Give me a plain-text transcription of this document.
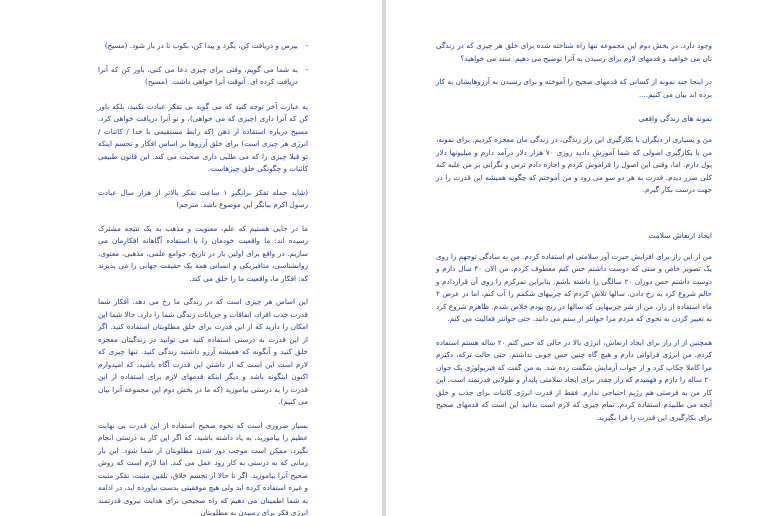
- بپرس و دریافت کن، بگرد و پیدا کن، بکوب تا در باز شود. (مسیح)
- به شما می گویم، وقتی برای چیزی دعا می کنی، باور کن که آنرا دریافت کرده ای. آنوقت آنرا خواهی داشت. (مسیح)

به عبارت آخر توجه کنید که می گوید بی تفکر عبادت نکنید، بلکه باور کن که آنرا داری (چیزی که می خواهی)، و تو آنرا دریافت خواهی کرد. مسیح درباره استفاده از ذهن (که رابط مستقیمی با خدا / کائنات / انرژی هر چیزی است) برای خلق آرزوها بر اساس افکار و تجسم اینکه تو قبلا چیزی را که می طلبی داری صحبت می کند. این قانون طبیعی کائنات و چگونگی خلق چیزهاست.

(شاید جمله تفکر برانگیز ۱ ساعت تفکر بالاتر از هزار سال عبادت رسول اکرم بیانگر این موضوع باشد. مترجم)

ما در جایی هستیم که علم، معنویت و مذهب به یک نتیجه مشترک رسیده اند: ما واقعیت خودمان را با استفاده آگاهانه افکارمان می سازیم. در واقع برای اولین بار در تاریخ، جوامع علمی، مذهبی، معنوی، روانشناسی، متافیزیکی و انسانی همه یک حقیقت جهانی را می پذیرند که: افکار ما، واقعیت ما را خلق می کند.

این اساس هر چیزی است که در زندگی ما رخ می دهد. افکار شما قدرت جذب افراد، اتفاقات و جریانات زندگی شما را دارد. حالا شما این امکان را دارید که از این قدرت برای خلق مطلوبتان استفاده کنید. اگر از این قدرت به درستی استفاده کنید می توانید در زندگیتان معجزه خلق کنید و آنگونه که همیشه آرزو داشتید زندگی کنید. تنها چیزی که لازم است این است که از داشتن این قدرت آگاه باشید، که امیدوارم اکنون اینگونه باشد و دیگر اینکه قدمهای لازم برای استفاده از این قدرت را به درستی بیاموزید (که ما در بخش دوم این مجموعه آنرا بیان می کنیم).

بسیار ضروری است که نحوه صحیح استفاده از این قدرت بی نهایت عظیم را بیاموزید. به یاد داشته باشید، که اگر این کار به درستی انجام نگیرد، ممکن است موجب دور شدن مطلوبتان از شما شود. این بار زمانی که به درستی به کار رود عمل می کند. اما لازم است که روش صحیح آنرا بیاموزید. اگر تا حالا از تجسم خلاق، تلقین مثبت، تفکر مثبت و غیره استفاده کرده اید ولی هیچ موفقیتی بدست نیاورده اید، در ادامه به شما اطمینان می دهیم که راه صحیحی برای هدایت نیروی قدرتمند انرژی فکر برای رسیدن به مطلوبتان

وجود دارد. در بخش دوم این مجموعه تنها راه شناخته شده برای خلق هر چیزی که در زندگی تان می خواهید و قدمهای لازم برای رسیدن به آنرا توضیح می دهیم. سند می خواهید؟

در اینجا چند نمونه از کسانی که قدمهای صحیح را آموخته و برای رسیدن به آرزوهایشان به کار برده اند بیان می کنیم....

نمونه های زندگی واقعی

من و بسیاری از دیگران با بکارگیری این راز زندگی، در زندگی مان معجزه کردیم. برای نمونه، من با بکارگیری اصولی که شما آموزش دادید روزی ۷۰ هزار دلار درآمد دارم و میلیونها دلار پول دارم. اما، وقتی این اصول را فراموش کردم و اجازه دادم ترس و نگرانی بر من غلبه کنه کلی ضرر دیدم. قدرت به هر دو سو می رود و من آموختم که چگونه همیشه این قدرت را در جهت درست بکار گیرم.

ایجاد ارتعاش سلامت

من از این راز برای افزایش حیرت آور سلامتی ام استفاده کردم. من به سادگی توجهم را روی یک تصویر خاص و سنی که دوست داشتم حس کنم معطوف کردم. من الان ۴۰ سال دارم و دوست داشتم حس دوران ۲۰ سالگی را داشته باشم. بنابراین تمرکزم را روی آن قراردادم و حالم شروع کرد به رخ دادن. سالها تلاش کردم که چربیهای شکمم را آب کنم، اما در عرض ۲ ماه استفاده از راز، من از شر چربیهایی که سالها در رنج بودم خلاص شدم. ظاهرم شروع کرد به تغییر کردن به نحوی که مردم مرا جوانتر از سنم می دانند. حتی جوانتر فعالیت می کنم.

همچنین از از راز برای ایجاد ارتعاش، انرژی بالا در حالی که حس کنم ۲۰ ساله هستم استفاده کردم. من انرژی فراوانی دارم و هیچ گاه چنین حس خوبی نداشتم. حتی حالت ترکه، دکترم مرا کاملا چکاپ کرد و از جواب آزمایش شگفت زده شد. به من گفت که فیزیولوژی یک جوان ۲۰ ساله را دارم و فهمیدم که راز چقدر برای ایجاد سلامتی پایدار و طولانی قدرتمند است. این کار من به فرصتی هم رژیم احتیاجی ندارم. فقط از قدرت انرژی کائنات برای جذب و خلق آنچه می طلبیدم استفاده کردم. تمام چیزی که لازم است بدانید این است که قدمهای صحیح برای بکارگیری این قدرت را فرا بگیرید.
